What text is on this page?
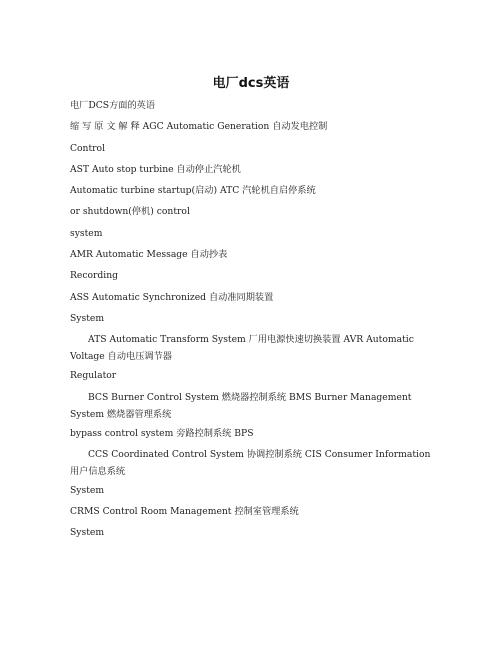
电厂dcs英语

电厂DCS方面的英语

缩 写 原 文 解 释 AGC Automatic Generation 自动发电控制

Control

AST Auto stop turbine 自动停止汽轮机

Automatic turbine startup(启动) ATC 汽轮机自启停系统

or shutdown(停机) control

system

AMR Automatic Message 自动抄表

Recording

ASS Automatic Synchronized 自动准同期装置

System

ATS Automatic Transform System 厂用电源快速切换装置 AVR Automatic Voltage 自动电压调节器

Regulator

BCS Burner Control System 燃烧器控制系统 BMS Burner Management System 燃烧器管理系统

bypass control system 旁路控制系统 BPS

CCS Coordinated Control System 协调控制系统 CIS Consumer Information 用户信息系统

System

CRMS Control Room Management 控制室管理系统

System
